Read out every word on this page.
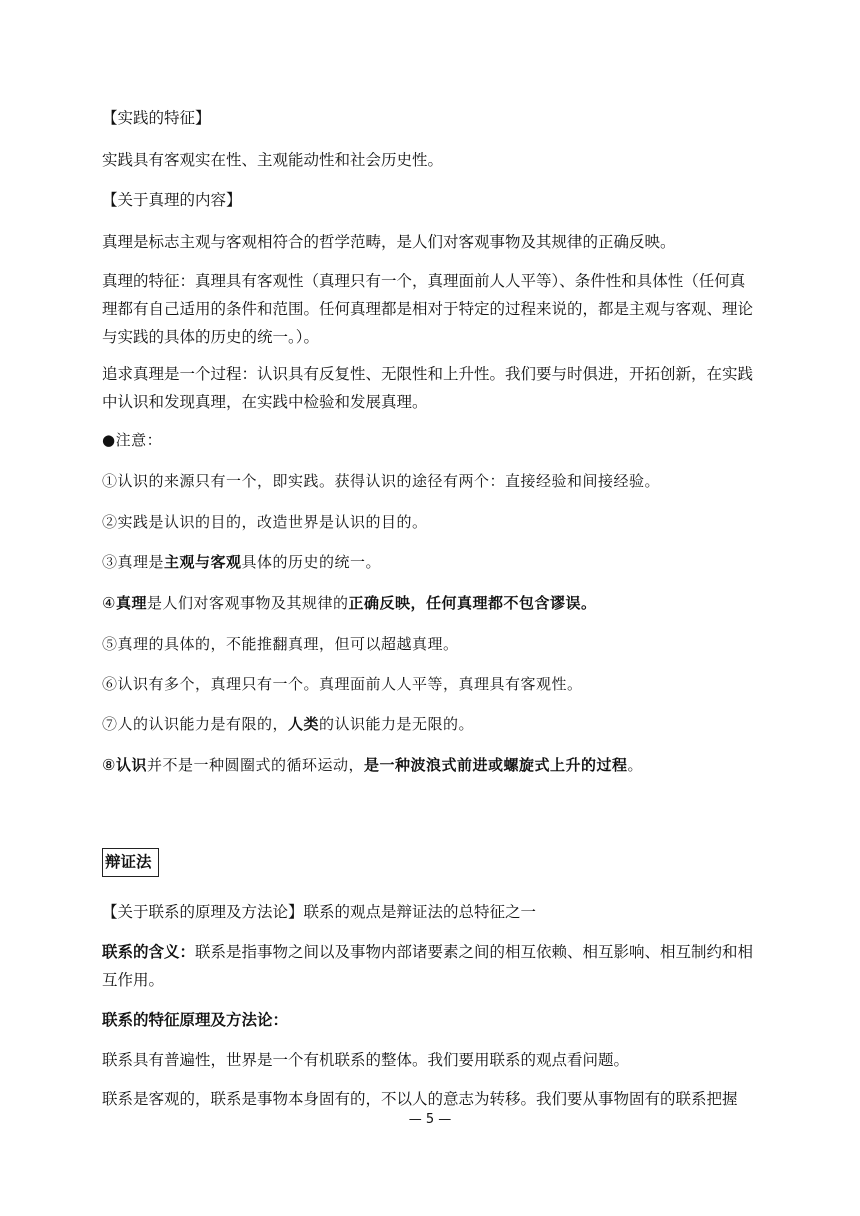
【实践的特征】

实践具有客观实在性、主观能动性和社会历史性。

【关于真理的内容】

真理是标志主观与客观相符合的哲学范畴，是人们对客观事物及其规律的正确反映。

真理的特征：真理具有客观性（真理只有一个，真理面前人人平等）、条件性和具体性（任何真理都有自己适用的条件和范围。任何真理都是相对于特定的过程来说的，都是主观与客观、理论与实践的具体的历史的统一。）。

追求真理是一个过程：认识具有反复性、无限性和上升性。我们要与时俱进，开拓创新，在实践中认识和发现真理，在实践中检验和发展真理。

●注意：

①认识的来源只有一个，即实践。获得认识的途径有两个：直接经验和间接经验。

②实践是认识的目的，改造世界是认识的目的。

③真理是主观与客观具体的历史的统一。

④真理是人们对客观事物及其规律的正确反映，任何真理都不包含谬误。

⑤真理的具体的，不能推翻真理，但可以超越真理。

⑥认识有多个，真理只有一个。真理面前人人平等，真理具有客观性。

⑦人的认识能力是有限的，人类的认识能力是无限的。

⑧认识并不是一种圆圈式的循环运动，是一种波浪式前进或螺旋式上升的过程。

辩证法

【关于联系的原理及方法论】联系的观点是辩证法的总特征之一

联系的含义：联系是指事物之间以及事物内部诸要素之间的相互依赖、相互影响、相互制约和相互作用。

联系的特征原理及方法论：

联系具有普遍性，世界是一个有机联系的整体。我们要用联系的观点看问题。

联系是客观的，联系是事物本身固有的，不以人的意志为转移。我们要从事物固有的联系把握

— 5 —
